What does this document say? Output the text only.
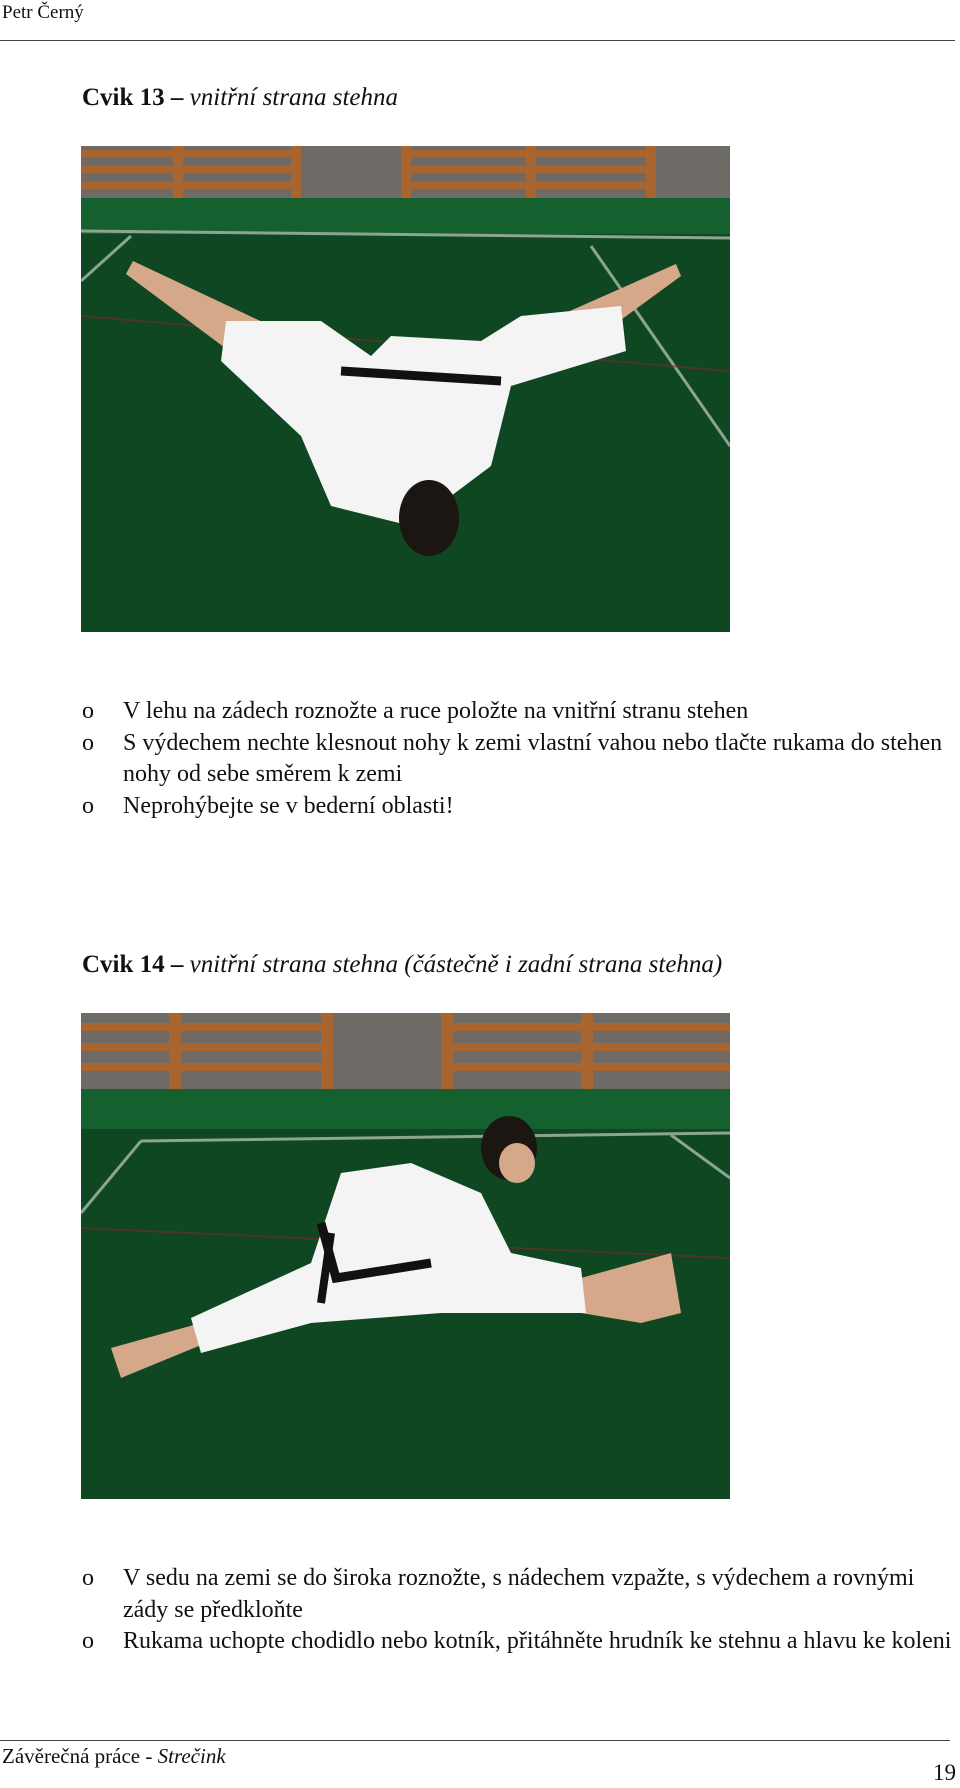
Petr Černý
Cvik 13 – vnitřní strana stehna
o V lehu na zádech roznožte a ruce položte na vnitřní stranu stehen
o S výdechem nechte klesnout nohy k zemi vlastní vahou nebo tlačte rukama do stehen nohy od sebe směrem k zemi
o Neprohýbejte se v bederní oblasti!
Cvik 14 – vnitřní strana stehna (částečně i zadní strana stehna)
o V sedu na zemi se do široka roznožte, s nádechem vzpažte, s výdechem a rovnými zády se předkloňte
o Rukama uchopte chodidlo nebo kotník, přitáhněte hrudník ke stehnu a hlavu ke koleni
Závěrečná práce - Strečink
19
